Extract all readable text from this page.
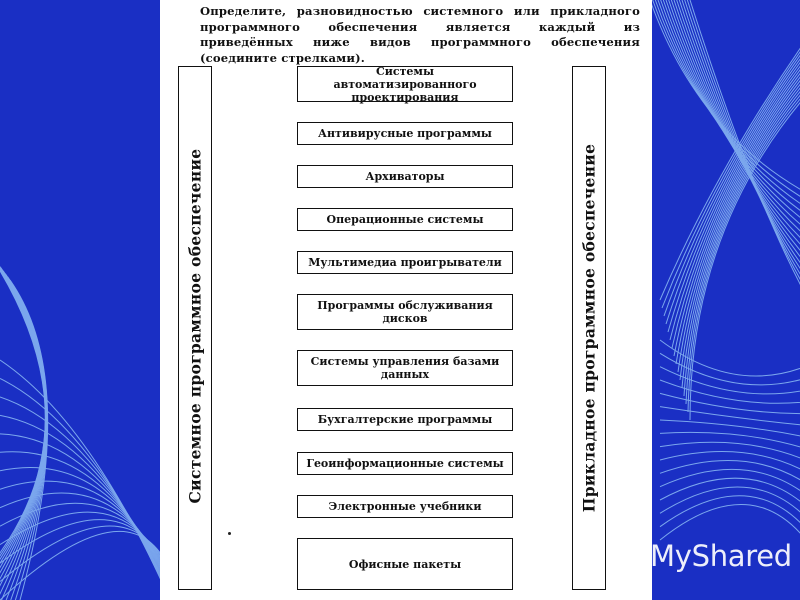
Определите, разновидностью системного или прикладного программного обеспечения является каждый из приведённых ниже видов программного обеспечения (соедините стрелками).
Системное программное обеспечение	Прикладное программное обеспечение
Системы автоматизированного проектирования
Антивирусные программы
Архиваторы
Операционные системы
Мультимедиа проигрыватели
Программы обслуживания дисков
Системы управления базами данных
Бухгалтерские программы
Геоинформационные системы
Электронные учебники
Офисные пакеты	MyShared
